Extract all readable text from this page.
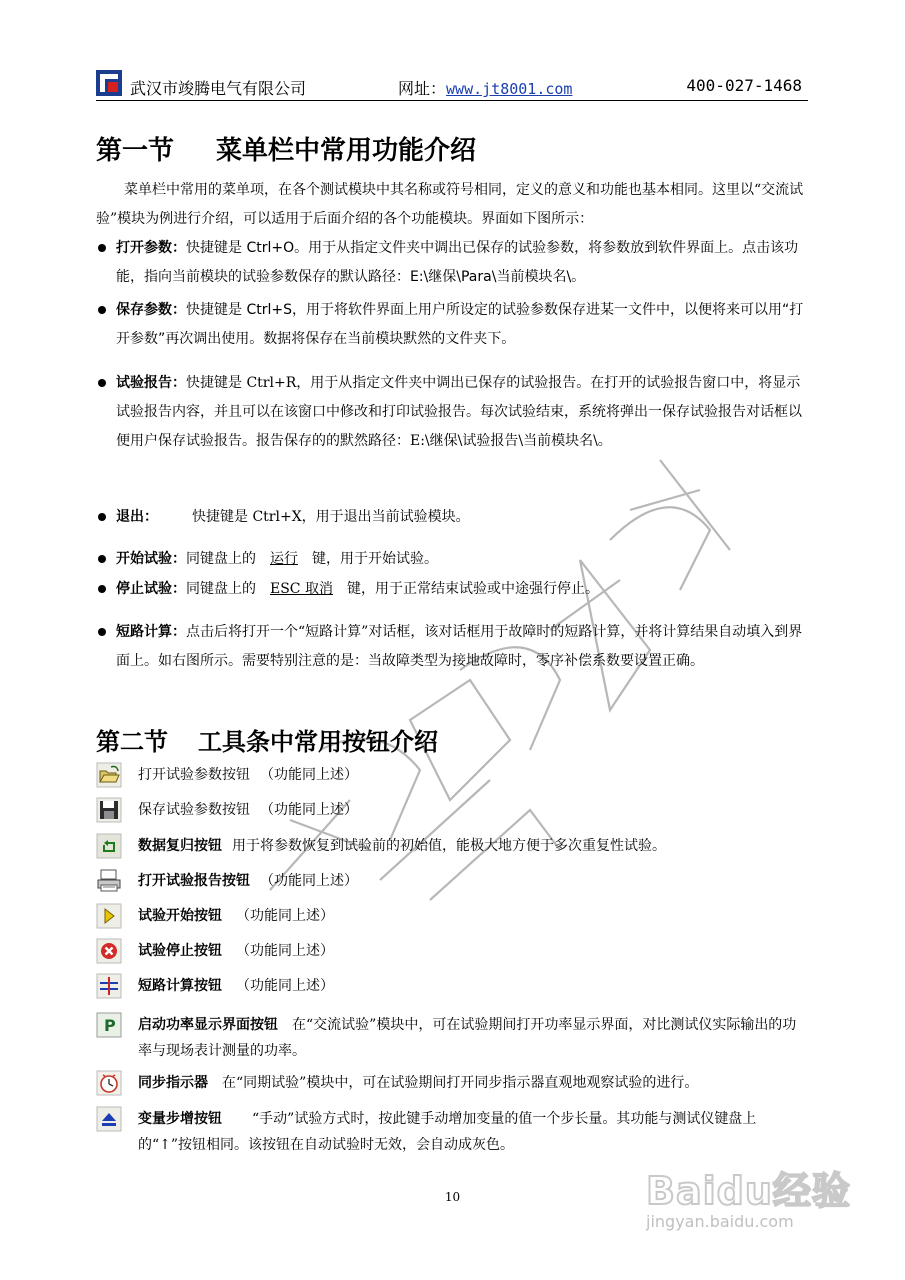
武汉市竣腾电气有限公司	网址：www.jt8001.com	400-027-1468
第一节 菜单栏中常用功能介绍
菜单栏中常用的菜单项，在各个测试模块中其名称或符号相同，定义的意义和功能也基本相同。这里以“交流试验”模块为例进行介绍，可以适用于后面介绍的各个功能模块。界面如下图所示：
打开参数：快捷键是 Ctrl+O。用于从指定文件夹中调出已保存的试验参数，将参数放到软件界面上。点击该功能，指向当前模块的试验参数保存的默认路径：E:\继保\Para\当前模块名\。
保存参数：快捷键是 Ctrl+S，用于将软件界面上用户所设定的试验参数保存进某一文件中，以便将来可以用“打开参数”再次调出使用。数据将保存在当前模块默然的文件夹下。
试验报告：快捷键是 Ctrl+R，用于从指定文件夹中调出已保存的试验报告。在打开的试验报告窗口中，将显示试验报告内容，并且可以在该窗口中修改和打印试验报告。每次试验结束，系统将弹出一保存试验报告对话框以便用户保存试验报告。报告保存的的默然路径：E:\继保\试验报告\当前模块名\。
退出： 快捷键是 Ctrl+X，用于退出当前试验模块。
开始试验：同键盘上的 运行 键，用于开始试验。
停止试验：同键盘上的 ESC 取消 键，用于正常结束试验或中途强行停止。
短路计算：点击后将打开一个“短路计算”对话框，该对话框用于故障时的短路计算，并将计算结果自动填入到界面上。如右图所示。需要特别注意的是：当故障类型为接地故障时，零序补偿系数要设置正确。
第二节 工具条中常用按钮介绍
打开试验参数按钮 （功能同上述）
保存试验参数按钮 （功能同上述）
数据复归按钮 用于将参数恢复到试验前的初始值，能极大地方便于多次重复性试验。
打开试验报告按钮 （功能同上述）
试验开始按钮 （功能同上述）
试验停止按钮 （功能同上述）
短路计算按钮 （功能同上述）
P 启动功率显示界面按钮 在“交流试验”模块中，可在试验期间打开功率显示界面，对比测试仪实际输出的功率与现场表计测量的功率。
同步指示器 在“同期试验”模块中，可在试验期间打开同步指示器直观地观察试验的进行。
变量步增按钮 “手动”试验方式时，按此键手动增加变量的值一个步长量。其功能与测试仪键盘上的“↑”按钮相同。该按钮在自动试验时无效，会自动成灰色。
10	Baidu经验
jingyan.baidu.com
